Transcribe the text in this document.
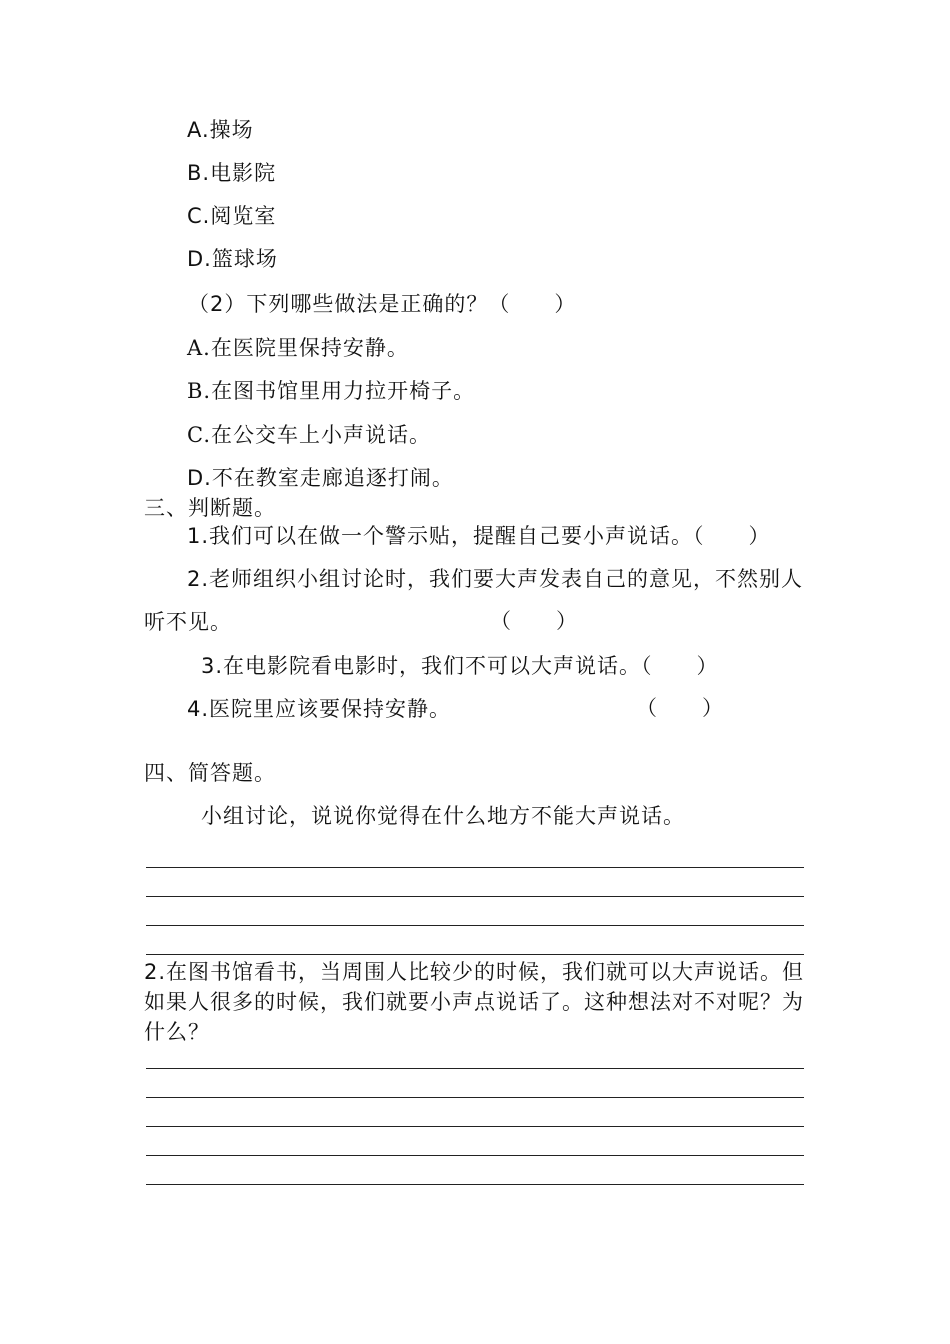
A.操场
B.电影院
C.阅览室
D.篮球场
（2）下列哪些做法是正确的？（　　）
A.在医院里保持安静。
B.在图书馆里用力拉开椅子。
C.在公交车上小声说话。
D.不在教室走廊追逐打闹。
三、判断题。
1.我们可以在做一个警示贴，提醒自己要小声说话。（　　）
2.老师组织小组讨论时，我们要大声发表自己的意见，不然别人
听不见。	（　　）
3.在电影院看电影时，我们不可以大声说话。（　　）
4.医院里应该要保持安静。	（　　）
四、简答题。
小组讨论，说说你觉得在什么地方不能大声说话。
2.在图书馆看书，当周围人比较少的时候，我们就可以大声说话。但如果人很多的时候，我们就要小声点说话了。这种想法对不对呢？为什么？
